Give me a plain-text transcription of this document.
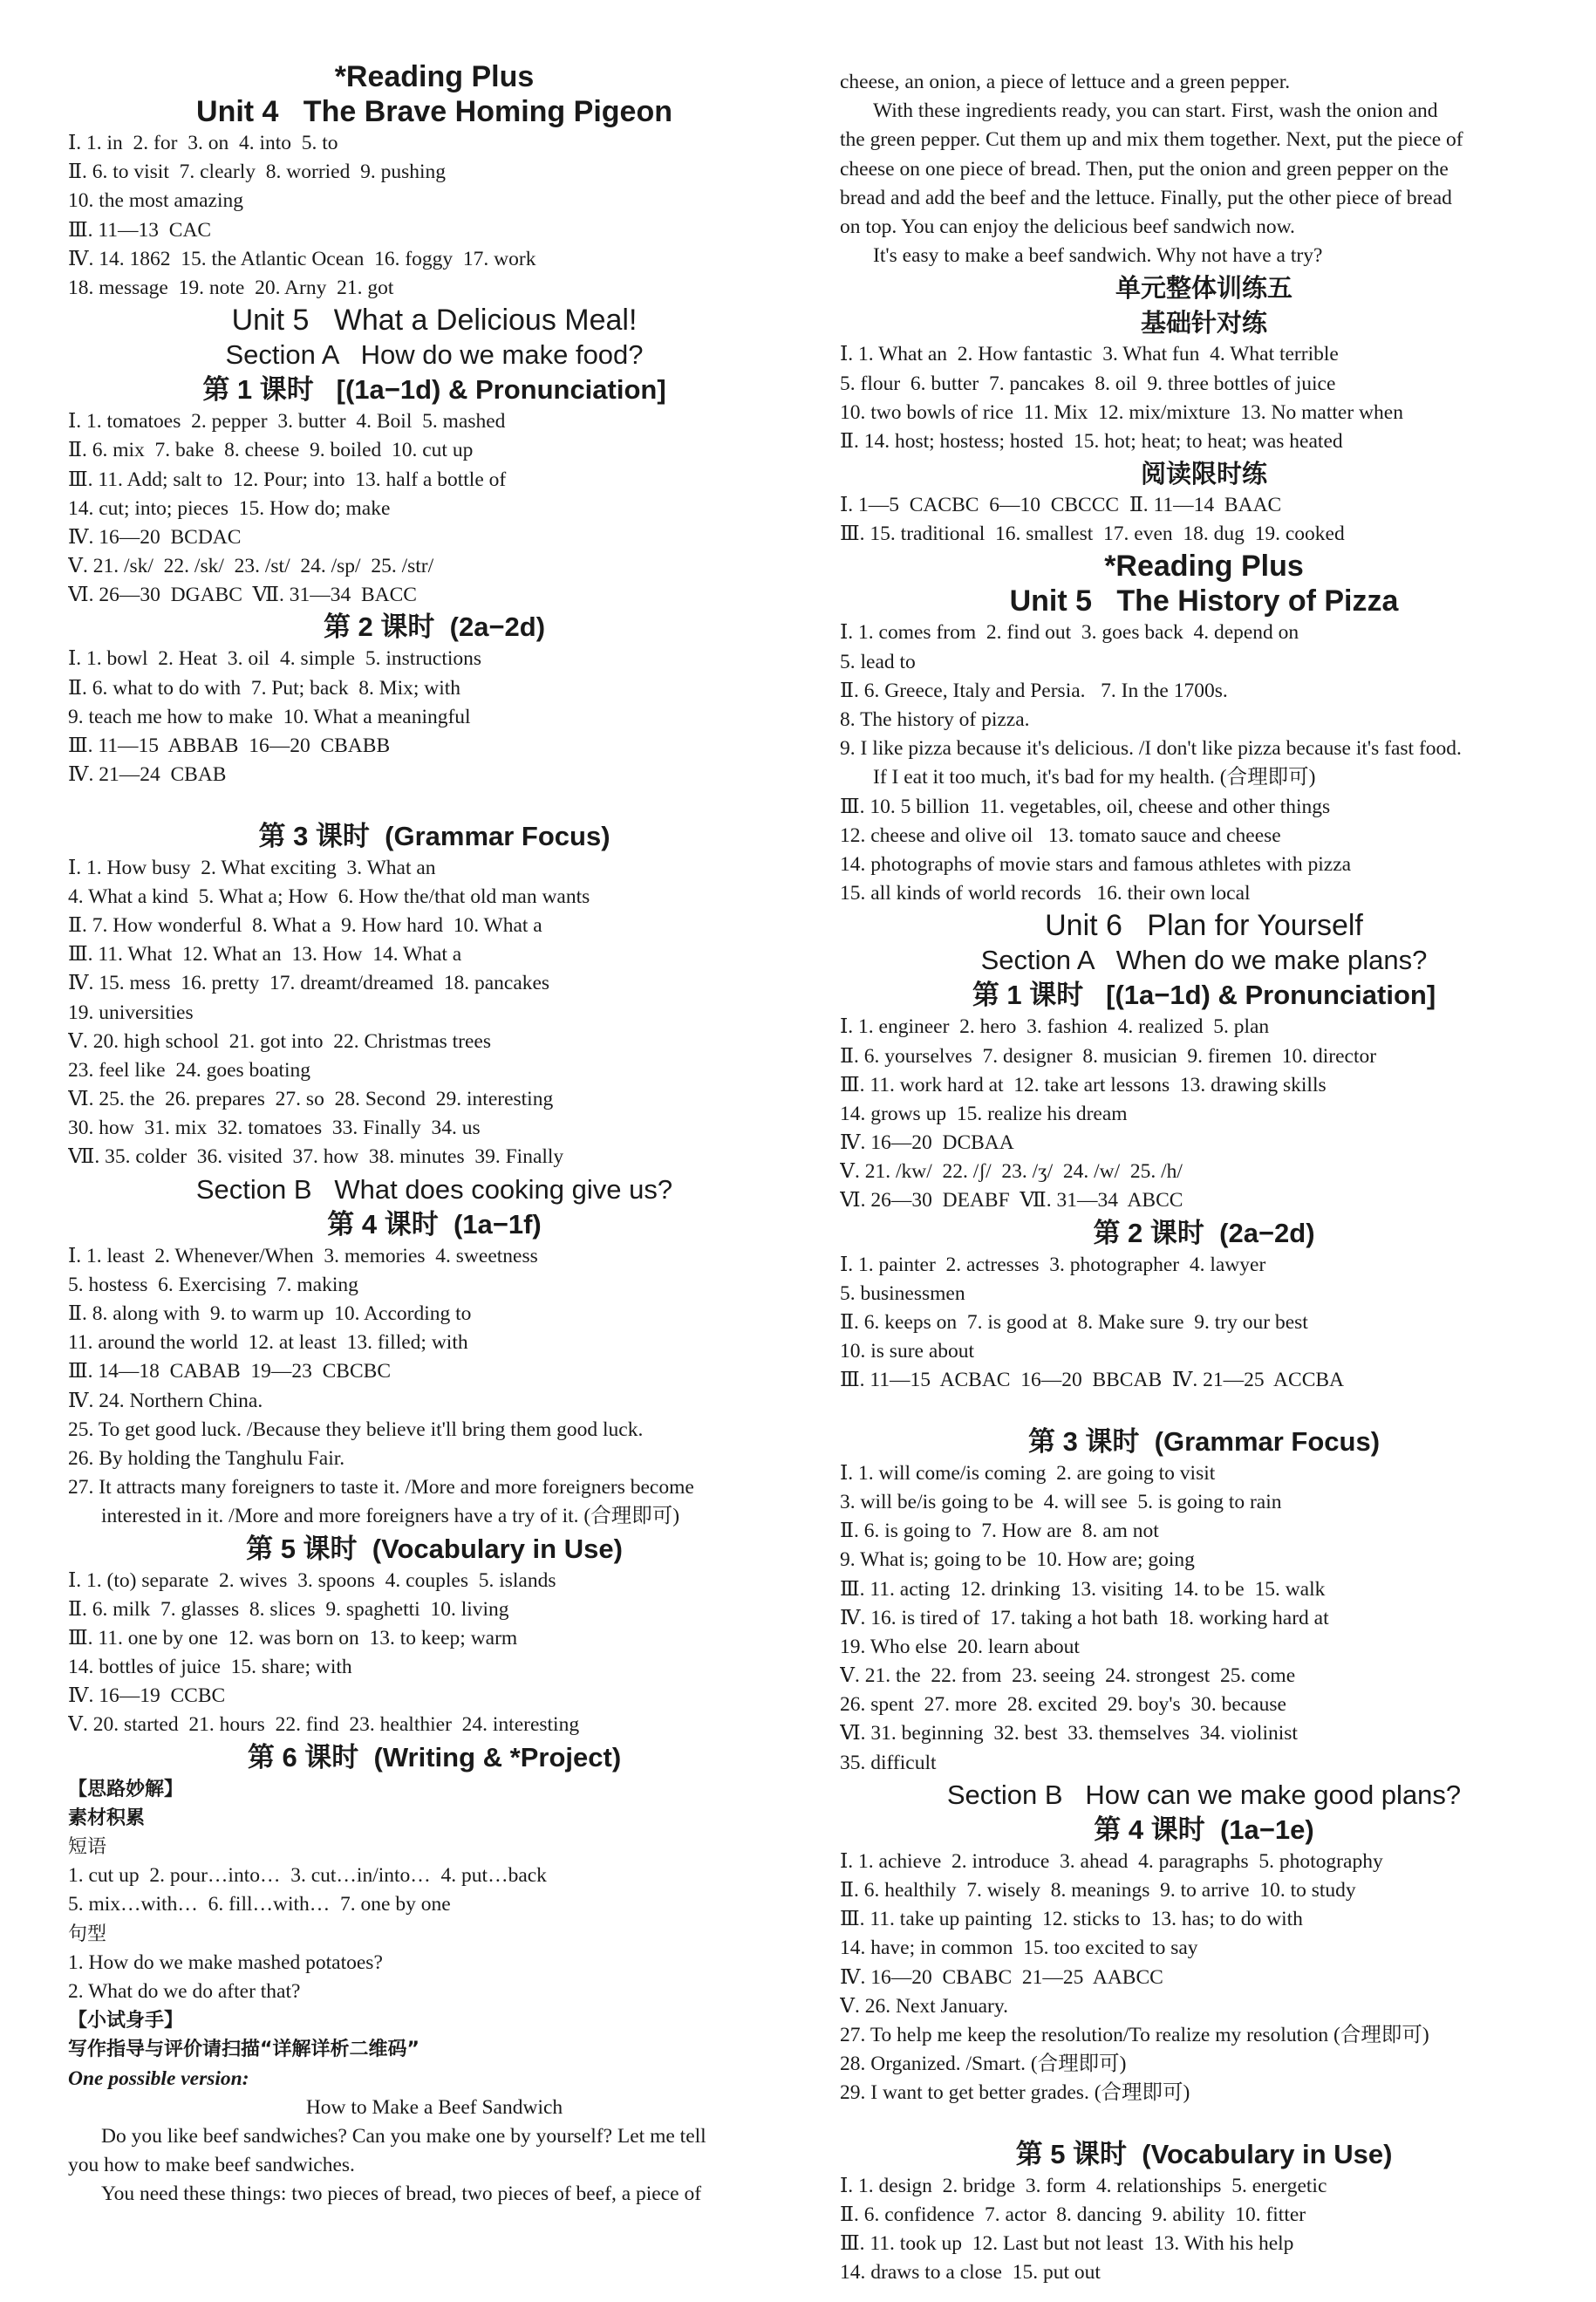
*Reading Plus
Unit 4   The Brave Homing Pigeon
Ⅰ. 1. in  2. for  3. on  4. into  5. to
Ⅱ. 6. to visit  7. clearly  8. worried  9. pushing
10. the most amazing
Ⅲ. 11—13  CAC
Ⅳ. 14. 1862  15. the Atlantic Ocean  16. foggy  17. work
18. message  19. note  20. Arny  21. got
Unit 5   What a Delicious Meal!
Section A   How do we make food?
第 1 课时   [(1a−1d) & Pronunciation]
Ⅰ. 1. tomatoes  2. pepper  3. butter  4. Boil  5. mashed
Ⅱ. 6. mix  7. bake  8. cheese  9. boiled  10. cut up
Ⅲ. 11. Add; salt to  12. Pour; into  13. half a bottle of
14. cut; into; pieces  15. How do; make
Ⅳ. 16—20  BCDAC
Ⅴ. 21. /sk/  22. /sk/  23. /st/  24. /sp/  25. /str/
Ⅵ. 26—30  DGABC  Ⅶ. 31—34  BACC
第 2 课时  (2a−2d)
Ⅰ. 1. bowl  2. Heat  3. oil  4. simple  5. instructions
Ⅱ. 6. what to do with  7. Put; back  8. Mix; with
9. teach me how to make  10. What a meaningful
Ⅲ. 11—15  ABBAB  16—20  CBABB
Ⅳ. 21—24  CBAB

第 3 课时  (Grammar Focus)
Ⅰ. 1. How busy  2. What exciting  3. What an
4. What a kind  5. What a; How  6. How the/that old man wants
Ⅱ. 7. How wonderful  8. What a  9. How hard  10. What a
Ⅲ. 11. What  12. What an  13. How  14. What a
Ⅳ. 15. mess  16. pretty  17. dreamt/dreamed  18. pancakes
19. universities
Ⅴ. 20. high school  21. got into  22. Christmas trees
23. feel like  24. goes boating
Ⅵ. 25. the  26. prepares  27. so  28. Second  29. interesting
30. how  31. mix  32. tomatoes  33. Finally  34. us
Ⅶ. 35. colder  36. visited  37. how  38. minutes  39. Finally
Section B   What does cooking give us?
第 4 课时  (1a−1f)
Ⅰ. 1. least  2. Whenever/When  3. memories  4. sweetness
5. hostess  6. Exercising  7. making
Ⅱ. 8. along with  9. to warm up  10. According to
11. around the world  12. at least  13. filled; with
Ⅲ. 14—18  CABAB  19—23  CBCBC
Ⅳ. 24. Northern China.
25. To get good luck. /Because they believe it'll bring them good luck.
26. By holding the Tanghulu Fair.
27. It attracts many foreigners to taste it. /More and more foreigners become
interested in it. /More and more foreigners have a try of it. (合理即可)
第 5 课时  (Vocabulary in Use)
Ⅰ. 1. (to) separate  2. wives  3. spoons  4. couples  5. islands
Ⅱ. 6. milk  7. glasses  8. slices  9. spaghetti  10. living
Ⅲ. 11. one by one  12. was born on  13. to keep; warm
14. bottles of juice  15. share; with
Ⅳ. 16—19  CCBC
Ⅴ. 20. started  21. hours  22. find  23. healthier  24. interesting
第 6 课时  (Writing & *Project)
【思路妙解】
素材积累
短语
1. cut up  2. pour…into…  3. cut…in/into…  4. put…back
5. mix…with…  6. fill…with…  7. one by one
句型
1. How do we make mashed potatoes?
2. What do we do after that?
【小试身手】
写作指导与评价请扫描“详解详析二维码”
One possible version:
How to Make a Beef Sandwich
Do you like beef sandwiches? Can you make one by yourself? Let me tell
you how to make beef sandwiches.
You need these things: two pieces of bread, two pieces of beef, a piece of
cheese, an onion, a piece of lettuce and a green pepper.
With these ingredients ready, you can start. First, wash the onion and
the green pepper. Cut them up and mix them together. Next, put the piece of
cheese on one piece of bread. Then, put the onion and green pepper on the
bread and add the beef and the lettuce. Finally, put the other piece of bread
on top. You can enjoy the delicious beef sandwich now.
It's easy to make a beef sandwich. Why not have a try?
单元整体训练五
基础针对练
Ⅰ. 1. What an  2. How fantastic  3. What fun  4. What terrible
5. flour  6. butter  7. pancakes  8. oil  9. three bottles of juice
10. two bowls of rice  11. Mix  12. mix/mixture  13. No matter when
Ⅱ. 14. host; hostess; hosted  15. hot; heat; to heat; was heated
阅读限时练
Ⅰ. 1—5  CACBC  6—10  CBCCC  Ⅱ. 11—14  BAAC
Ⅲ. 15. traditional  16. smallest  17. even  18. dug  19. cooked
*Reading Plus
Unit 5   The History of Pizza
Ⅰ. 1. comes from  2. find out  3. goes back  4. depend on
5. lead to
Ⅱ. 6. Greece, Italy and Persia.   7. In the 1700s.
8. The history of pizza.
9. I like pizza because it's delicious. /I don't like pizza because it's fast food.
If I eat it too much, it's bad for my health. (合理即可)
Ⅲ. 10. 5 billion  11. vegetables, oil, cheese and other things
12. cheese and olive oil   13. tomato sauce and cheese
14. photographs of movie stars and famous athletes with pizza
15. all kinds of world records   16. their own local
Unit 6   Plan for Yourself
Section A   When do we make plans?
第 1 课时   [(1a−1d) & Pronunciation]
Ⅰ. 1. engineer  2. hero  3. fashion  4. realized  5. plan
Ⅱ. 6. yourselves  7. designer  8. musician  9. firemen  10. director
Ⅲ. 11. work hard at  12. take art lessons  13. drawing skills
14. grows up  15. realize his dream
Ⅳ. 16—20  DCBAA
Ⅴ. 21. /kw/  22. /ʃ/  23. /ʒ/  24. /w/  25. /h/
Ⅵ. 26—30  DEABF  Ⅶ. 31—34  ABCC
第 2 课时  (2a−2d)
Ⅰ. 1. painter  2. actresses  3. photographer  4. lawyer
5. businessmen
Ⅱ. 6. keeps on  7. is good at  8. Make sure  9. try our best
10. is sure about
Ⅲ. 11—15  ACBAC  16—20  BBCAB  Ⅳ. 21—25  ACCBA

第 3 课时  (Grammar Focus)
Ⅰ. 1. will come/is coming  2. are going to visit
3. will be/is going to be  4. will see  5. is going to rain
Ⅱ. 6. is going to  7. How are  8. am not
9. What is; going to be  10. How are; going
Ⅲ. 11. acting  12. drinking  13. visiting  14. to be  15. walk
Ⅳ. 16. is tired of  17. taking a hot bath  18. working hard at
19. Who else  20. learn about
Ⅴ. 21. the  22. from  23. seeing  24. strongest  25. come
26. spent  27. more  28. excited  29. boy's  30. because
Ⅵ. 31. beginning  32. best  33. themselves  34. violinist
35. difficult
Section B   How can we make good plans?
第 4 课时  (1a−1e)
Ⅰ. 1. achieve  2. introduce  3. ahead  4. paragraphs  5. photography
Ⅱ. 6. healthily  7. wisely  8. meanings  9. to arrive  10. to study
Ⅲ. 11. take up painting  12. sticks to  13. has; to do with
14. have; in common  15. too excited to say
Ⅳ. 16—20  CBABC  21—25  AABCC
Ⅴ. 26. Next January.
27. To help me keep the resolution/To realize my resolution (合理即可)
28. Organized. /Smart. (合理即可)
29. I want to get better grades. (合理即可)

第 5 课时  (Vocabulary in Use)
Ⅰ. 1. design  2. bridge  3. form  4. relationships  5. energetic
Ⅱ. 6. confidence  7. actor  8. dancing  9. ability  10. fitter
Ⅲ. 11. took up  12. Last but not least  13. With his help
14. draws to a close  15. put out
